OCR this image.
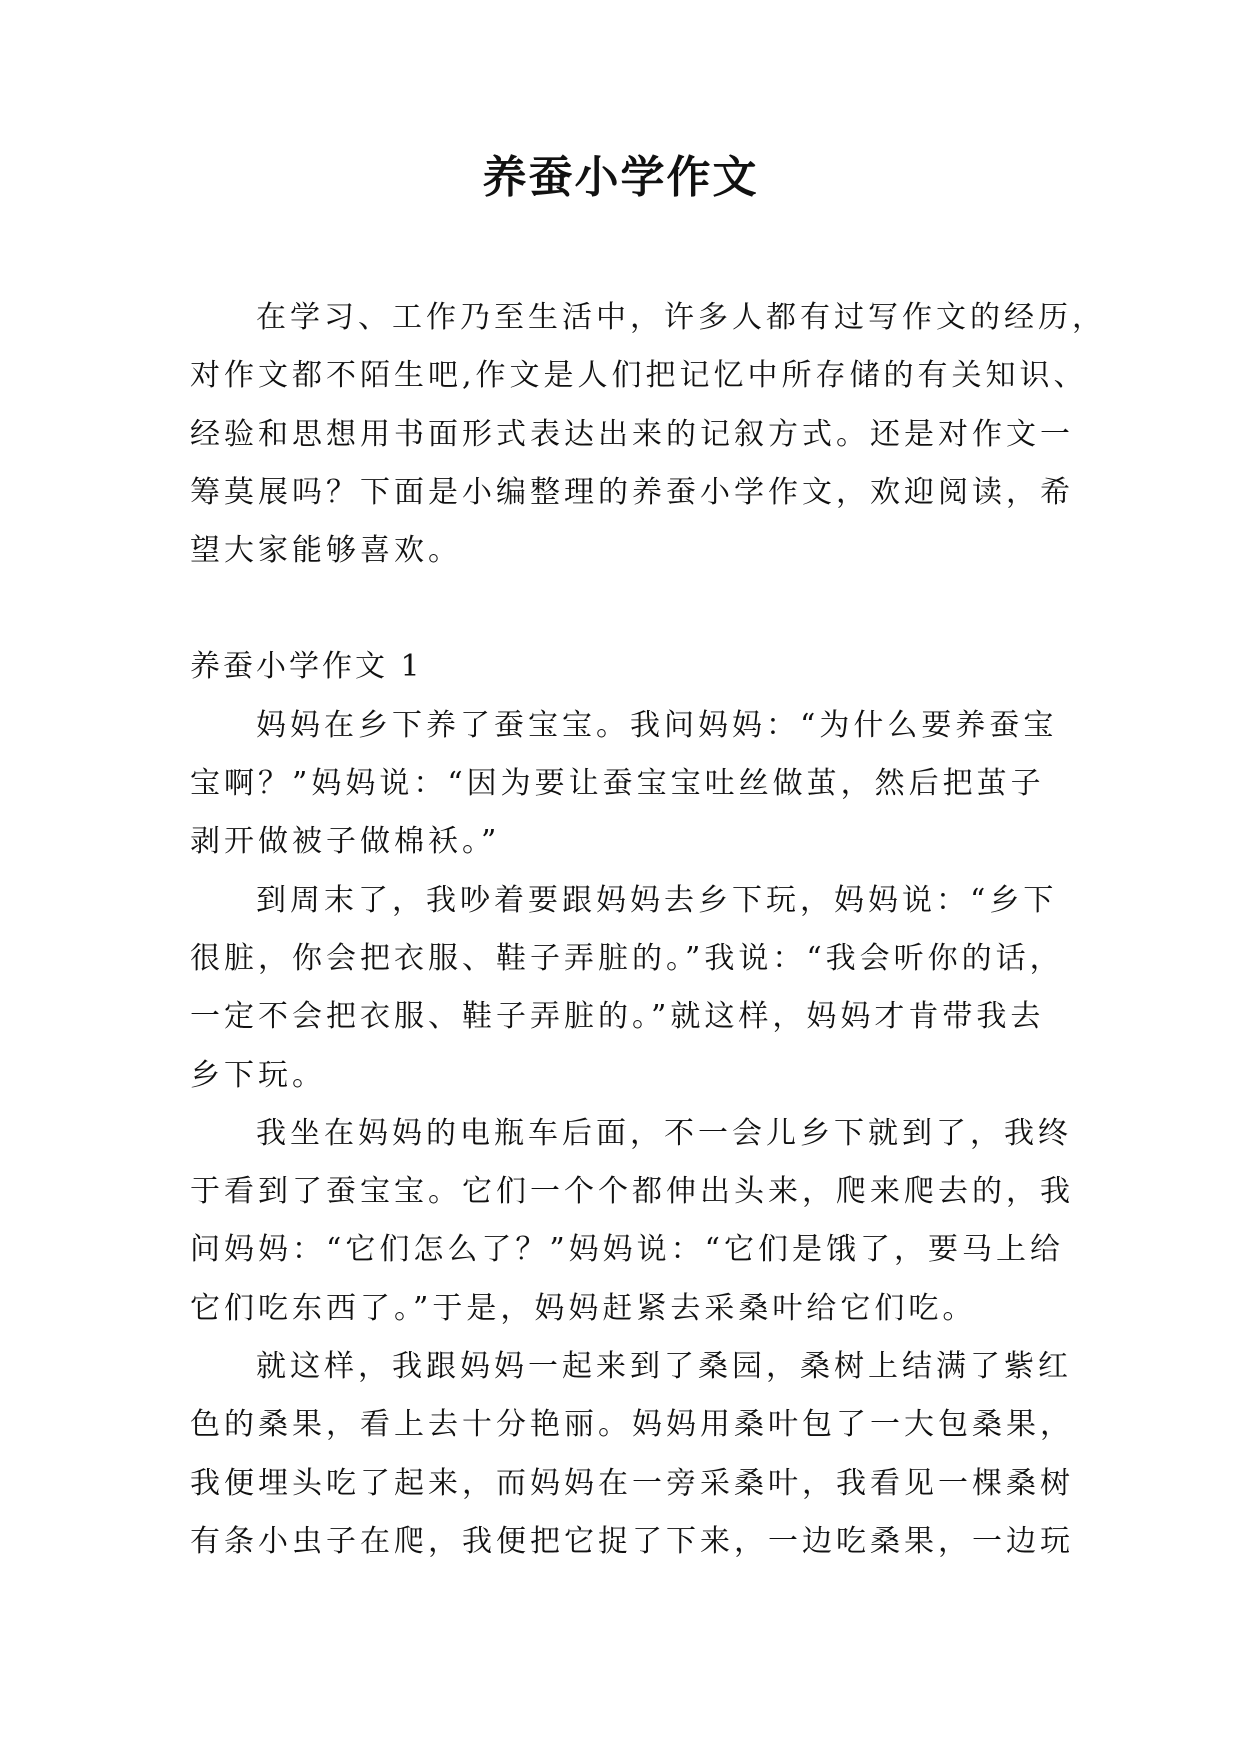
养蚕小学作文
在学习、工作乃至生活中，许多人都有过写作文的经历，
对作文都不陌生吧,作文是人们把记忆中所存储的有关知识、
经验和思想用书面形式表达出来的记叙方式。还是对作文一
筹莫展吗？下面是小编整理的养蚕小学作文，欢迎阅读，希
望大家能够喜欢。
养蚕小学作文 1
妈妈在乡下养了蚕宝宝。我问妈妈：“为什么要养蚕宝
宝啊？”妈妈说：“因为要让蚕宝宝吐丝做茧，然后把茧子
剥开做被子做棉袄。”
到周末了，我吵着要跟妈妈去乡下玩，妈妈说：“乡下
很脏，你会把衣服、鞋子弄脏的。”我说：“我会听你的话，
一定不会把衣服、鞋子弄脏的。”就这样，妈妈才肯带我去
乡下玩。
我坐在妈妈的电瓶车后面，不一会儿乡下就到了，我终
于看到了蚕宝宝。它们一个个都伸出头来，爬来爬去的，我
问妈妈：“它们怎么了？”妈妈说：“它们是饿了，要马上给
它们吃东西了。”于是，妈妈赶紧去采桑叶给它们吃。
就这样，我跟妈妈一起来到了桑园，桑树上结满了紫红
色的桑果，看上去十分艳丽。妈妈用桑叶包了一大包桑果，
我便埋头吃了起来，而妈妈在一旁采桑叶，我看见一棵桑树
有条小虫子在爬，我便把它捉了下来，一边吃桑果，一边玩
